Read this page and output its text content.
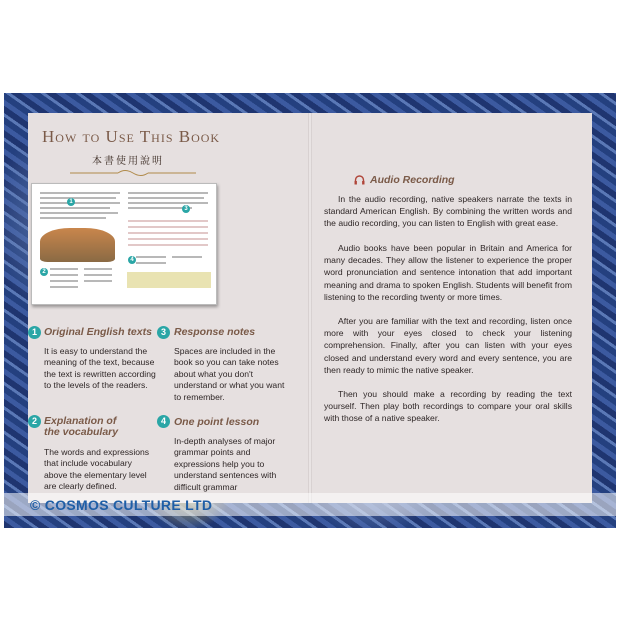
How to Use This Book
本書使用說明
1
2
3
4
1 Original English texts
It is easy to understand the meaning of the text, because the text is rewritten according to the levels of the readers.
3 Response notes
Spaces are included in the book so you can take notes about what you don't understand or what you want to remember.
2 Explanation of the vocabulary
The words and expressions that include vocabulary above the elementary level are clearly defined.
4 One point lesson
In-depth analyses of major grammar points and expressions help you to understand sentences with difficult grammar
Audio Recording

In the audio recording, native speakers narrate the texts in standard American English. By combining the written words and the audio recording, you can listen to English with great ease.

Audio books have been popular in Britain and America for many decades. They allow the listener to experience the proper word pronunciation and sentence intonation that add important meaning and drama to spoken English. Students will benefit from listening to the recording twenty or more times.

After you are familiar with the text and recording, listen once more with your eyes closed to check your listening comprehension. Finally, after you can listen with your eyes closed and understand every word and every sentence, you are then ready to mimic the native speaker.

Then you should make a recording by reading the text yourself. Then play both recordings to compare your oral skills with those of a native speaker.

© COSMOS CULTURE LTD
